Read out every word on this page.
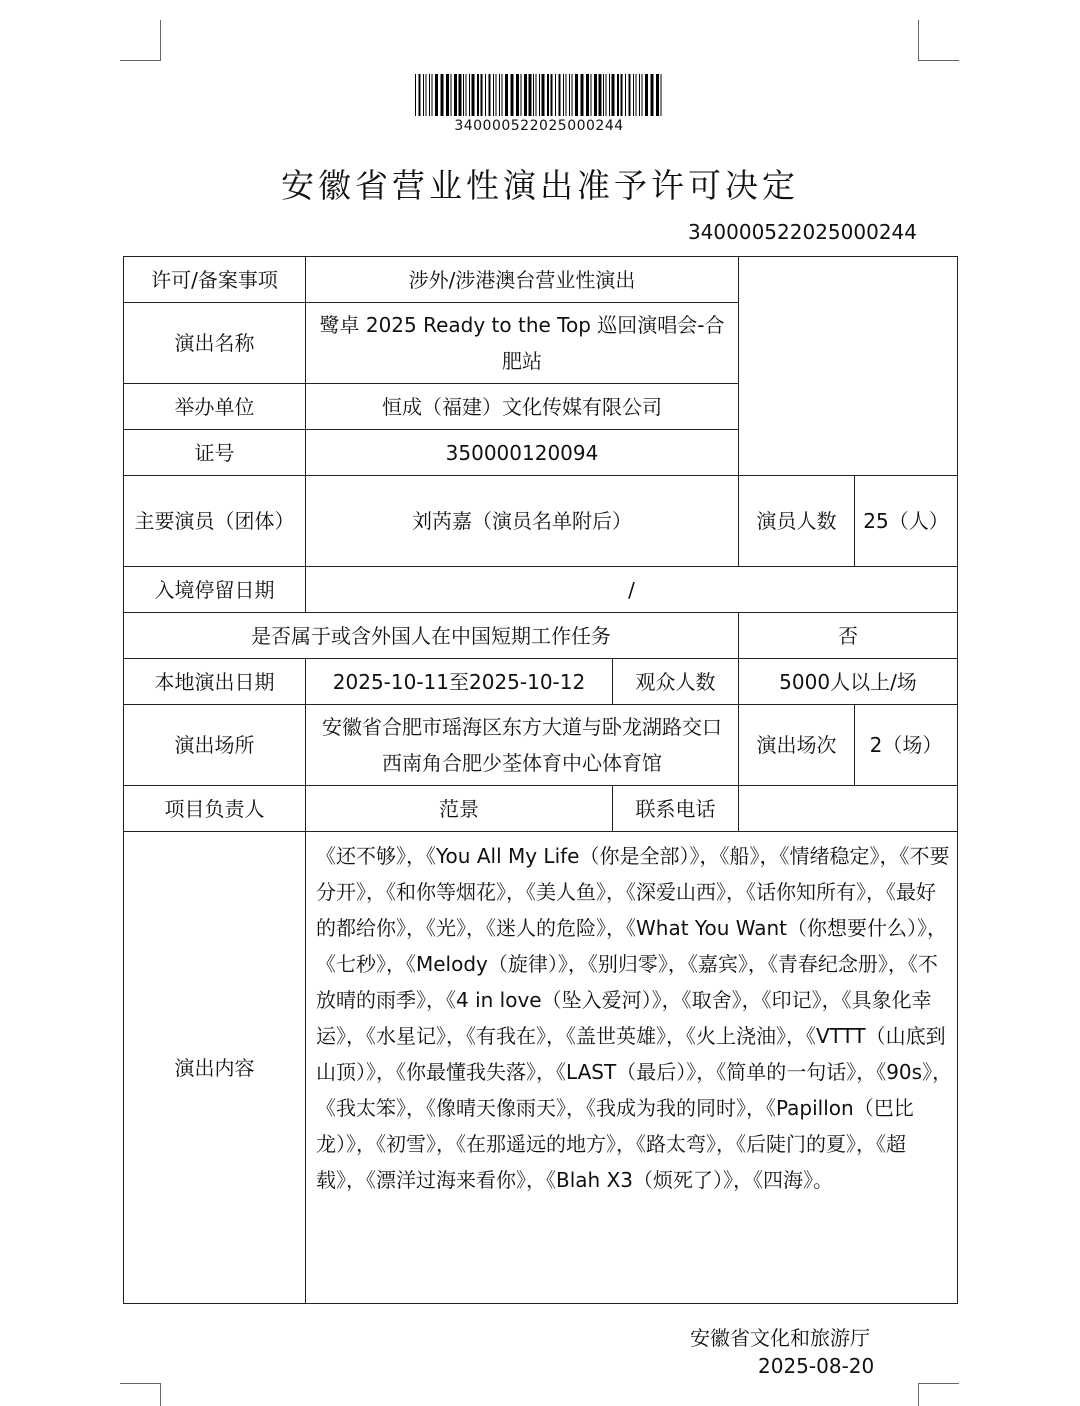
340000522025000244
安徽省营业性演出准予许可决定
340000522025000244
许可/备案事项	涉外/涉港澳台营业性演出			
演出名称	鹭卓 2025 Ready to the Top 巡回演唱会-合肥站			
举办单位	恒成（福建）文化传媒有限公司			
证号	350000120094			
主要演员（团体）	刘芮嘉（演员名单附后）		演员人数	25（人）
入境停留日期	/			
是否属于或含外国人在中国短期工作任务			否	
本地演出日期	2025-10-11至2025-10-12	观众人数	5000人以上/场	
演出场所	安徽省合肥市瑶海区东方大道与卧龙湖路交口西南角合肥少荃体育中心体育馆		演出场次	2（场）
项目负责人	范景	联系电话		
演出内容	《还不够》，《You All My Life（你是全部）》，《船》，《情绪稳定》，《不要分开》，《和你等烟花》，《美人鱼》，《深爱山西》，《话你知所有》，《最好的都给你》，《光》，《迷人的危险》，《What You Want（你想要什么）》，《七秒》，《Melody（旋律）》，《别归零》，《嘉宾》，《青春纪念册》，《不放晴的雨季》，《4 in love（坠入爱河）》，《取舍》，《印记》，《具象化幸运》，《水星记》，《有我在》，《盖世英雄》，《火上浇油》，《VTTT（山底到山顶）》，《你最懂我失落》，《LAST（最后）》，《简单的一句话》，《90s》，《我太笨》，《像晴天像雨天》，《我成为我的同时》，《Papillon（巴比龙）》，《初雪》，《在那遥远的地方》，《路太弯》，《后陡门的夏》，《超载》，《漂洋过海来看你》，《Blah X3（烦死了）》，《四海》。			
安徽省文化和旅游厅
2025-08-20
